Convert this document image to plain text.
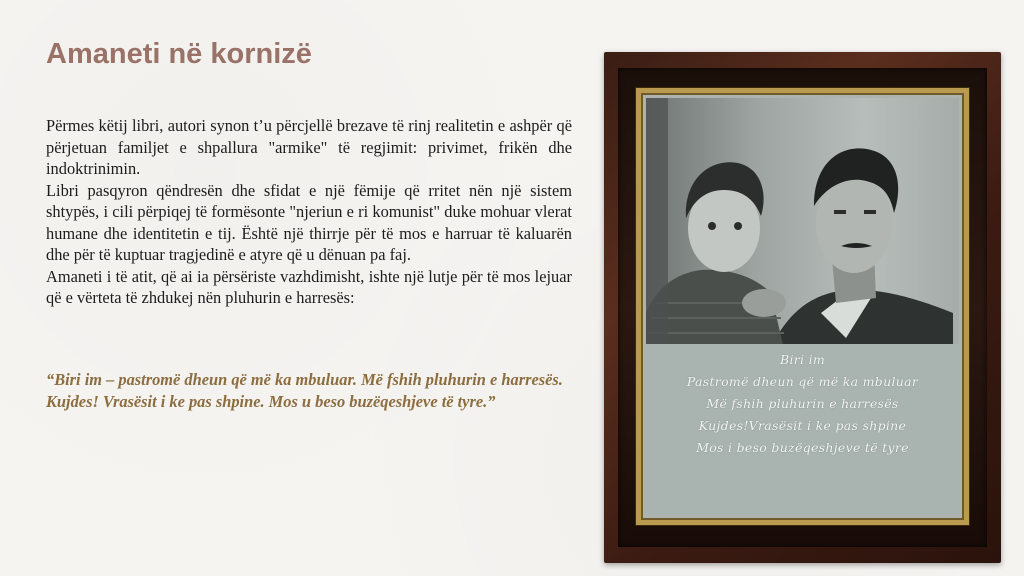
Amaneti në kornizë

Përmes këtij libri, autori synon t’u përcjellë brezave të rinj realitetin e ashpër që përjetuan familjet e shpallura "armike" të regjimit: privimet, frikën dhe indoktrinimin.

Libri pasqyron qëndresën dhe sfidat e një fëmije që rritet nën një sistem shtypës, i cili përpiqej të formësonte "njeriun e ri komunist" duke mohuar vlerat humane dhe identitetin e tij. Është një thirrje për të mos e harruar të kaluarën dhe për të kuptuar tragjedinë e atyre që u dënuan pa faj.

Amaneti i të atit, që ai ia përsëriste vazhdimisht, ishte një lutje për të mos lejuar që e vërteta të zhdukej nën pluhurin e harresës:

“Biri im – pastromë dheun që më ka mbuluar. Më fshih pluhurin e harresës. Kujdes! Vrasësit i ke pas shpine. Mos u beso buzëqeshjeve të tyre.”

Biri im
Pastromë dheun që më ka mbuluar
Më fshih pluhurin e harresës
Kujdes!Vrasësit i ke pas shpine
Mos i beso buzëqeshjeve të tyre
